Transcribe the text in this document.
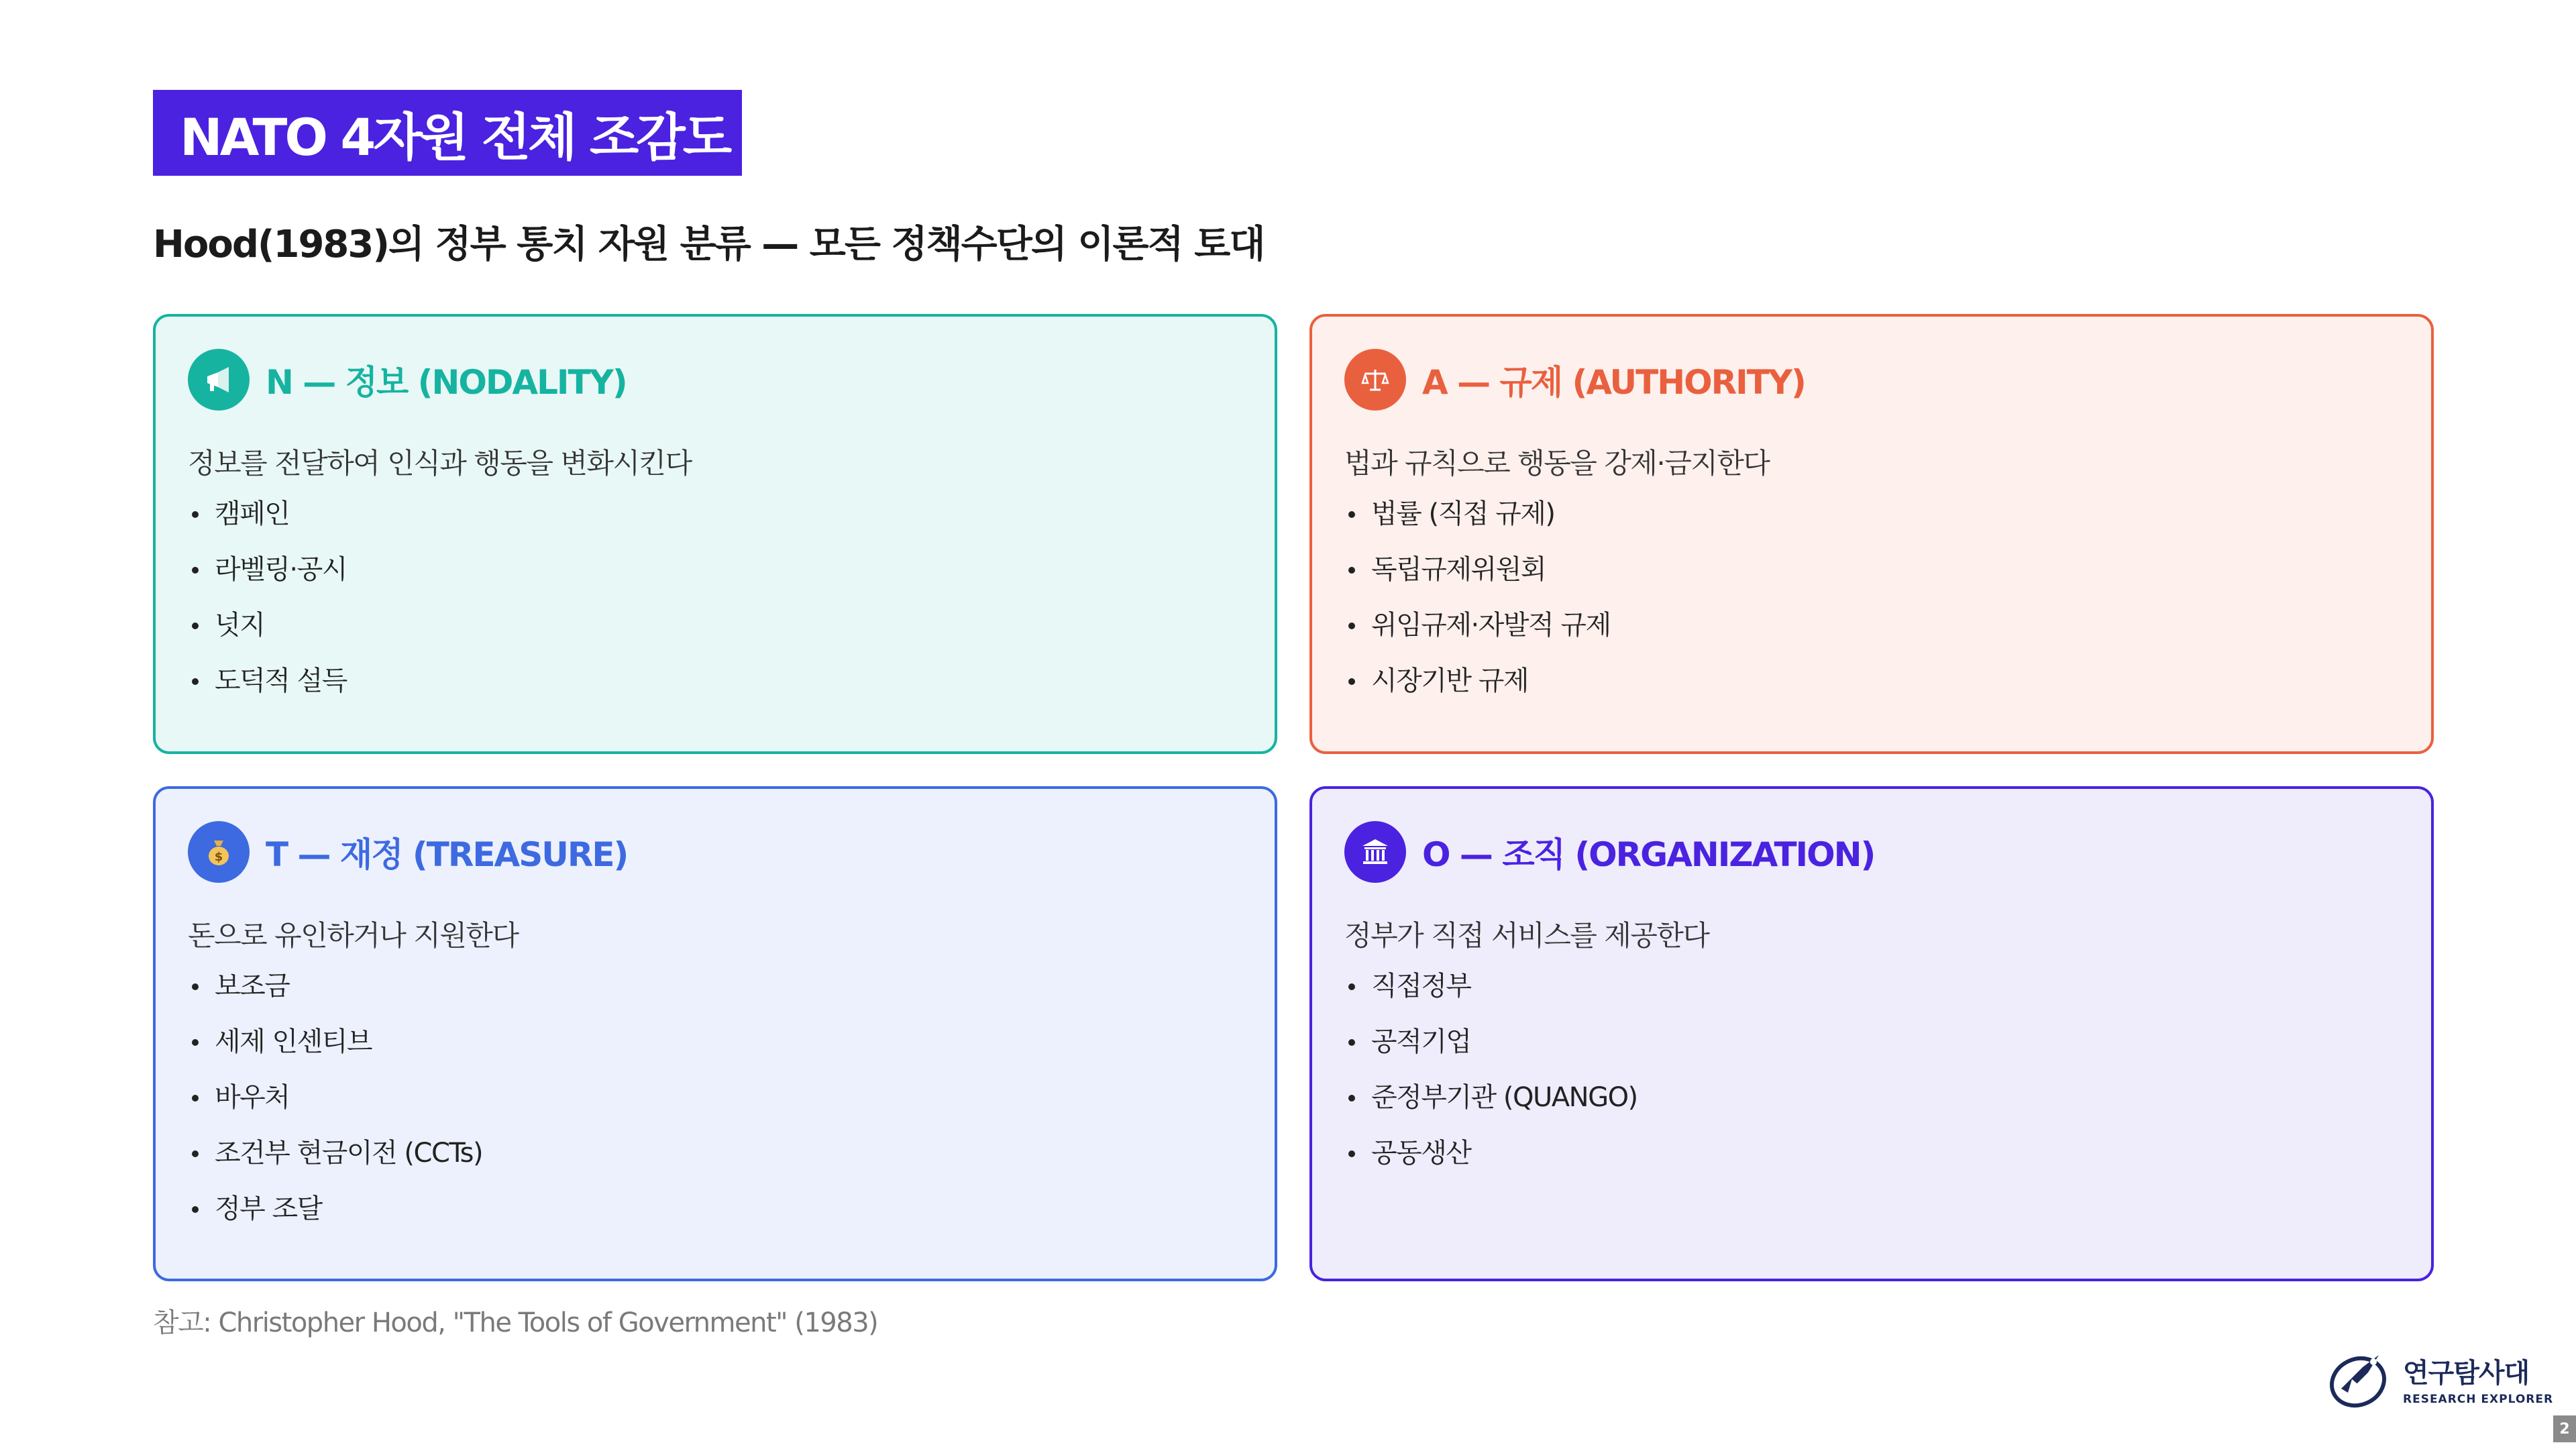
NATO 4자원 전체 조감도
Hood(1983)의 정부 통치 자원 분류 — 모든 정책수단의 이론적 토대
N — 정보 (NODALITY)
정보를 전달하여 인식과 행동을 변화시킨다
캠페인
라벨링·공시
넛지
도덕적 설득
A — 규제 (AUTHORITY)
법과 규칙으로 행동을 강제·금지한다
법률 (직접 규제)
독립규제위원회
위임규제·자발적 규제
시장기반 규제
$ T — 재정 (TREASURE)
돈으로 유인하거나 지원한다
보조금
세제 인센티브
바우처
조건부 현금이전 (CCTs)
정부 조달
O — 조직 (ORGANIZATION)
정부가 직접 서비스를 제공한다
직접정부
공적기업
준정부기관 (QUANGO)
공동생산
참고: Christopher Hood, "The Tools of Government" (1983)
연구탐사대
RESEARCH EXPLORER
2
